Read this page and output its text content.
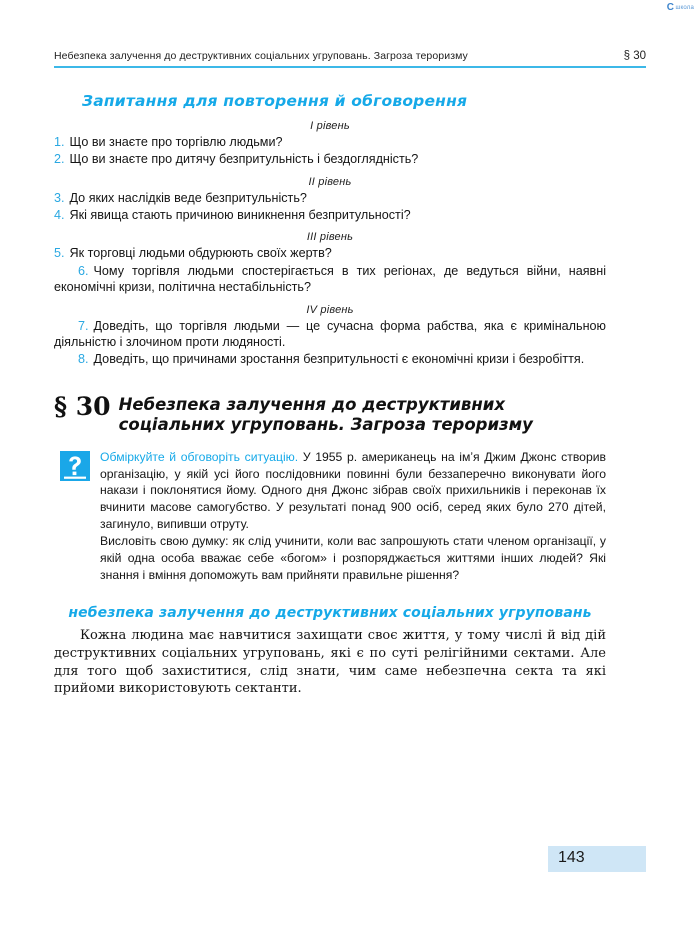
С школа
Небезпека залучення до деструктивних соціальних угруповань. Загроза тероризму	§ 30
Запитання для повторення й обговорення
I рівень
1. Що ви знаєте про торгівлю людьми?
2. Що ви знаєте про дитячу безпритульність і бездоглядність?
II рівень
3. До яких наслідків веде безпритульність?
4. Які явища стають причиною виникнення безпритульності?
III рівень
5. Як торговці людьми обдурюють своїх жертв?
6. Чому торгівля людьми спостерігається в тих регіонах, де ведуться війни, наявні економічні кризи, політична нестабільність?
IV рівень
7. Доведіть, що торгівля людьми — це сучасна форма рабства, яка є кримінальною діяльністю і злочином проти людяності.
8. Доведіть, що причинами зростання безпритульності є економічні кризи і безробіття.
§ 30 Небезпека залучення до деструктивних соціальних угруповань. Загроза тероризму

Обміркуйте й обговоріть ситуацію. У 1955 р. американець на імʼя Джим Джонс створив організацію, у якій усі його послідовники повинні були беззаперечно виконувати його накази і поклонятися йому. Одного дня Джонс зібрав своїх прихильників і переконав їх вчинити масове самогубство. У результаті понад 900 осіб, серед яких було 270 дітей, загинуло, випивши отруту.

Висловіть свою думку: як слід учинити, коли вас запрошують стати членом організації, у якій одна особа вважає себе «богом» і розпоряджається життями інших людей? Які знання і вміння допоможуть вам прийняти правильне рішення?

небезпека залучення до деструктивних соціальних угруповань

Кожна людина має навчитися захищати своє життя, у тому числі й від дій деструктивних соціальних угруповань, які є по суті релігійними сектами. Але для того щоб захиститися, слід знати, чим саме небезпечна секта та які прийоми використовують сектанти.

143
